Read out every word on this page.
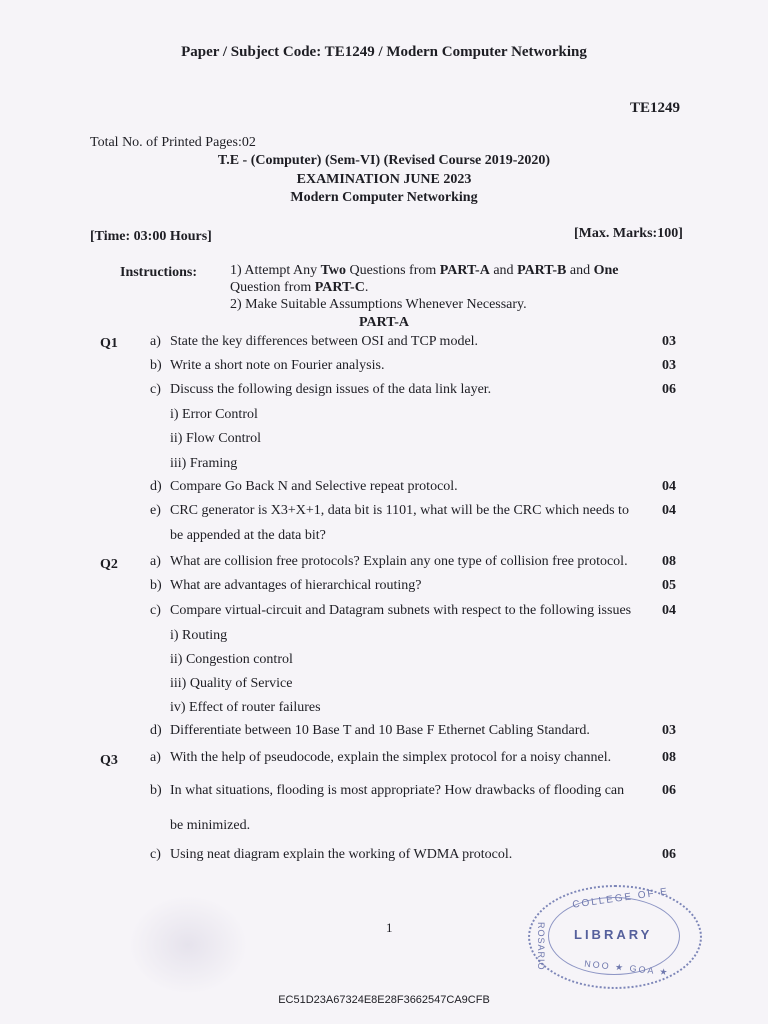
Paper / Subject Code: TE1249 / Modern Computer Networking
TE1249
Total No. of Printed Pages:02
T.E - (Computer) (Sem-VI) (Revised Course 2019-2020)
EXAMINATION JUNE 2023
Modern Computer Networking
[Time: 03:00 Hours]	[Max. Marks:100]
Instructions: 1) Attempt Any Two Questions from PART-A and PART-B and One
Question from PART-C.
2) Make Suitable Assumptions Whenever Necessary.
PART-A
Q1 a) State the key differences between OSI and TCP model.	03
b) Write a short note on Fourier analysis.	03
c) Discuss the following design issues of the data link layer.	06
i) Error Control
ii) Flow Control
iii) Framing
d) Compare Go Back N and Selective repeat protocol.	04
e) CRC generator is X3+X+1, data bit is 1101, what will be the CRC which needs to 04
be appended at the data bit?
Q2 a) What are collision free protocols? Explain any one type of collision free protocol. 08
b) What are advantages of hierarchical routing?	05
c) Compare virtual-circuit and Datagram subnets with respect to the following issues 04
i) Routing
ii) Congestion control
iii) Quality of Service
iv) Effect of router failures
d) Differentiate between 10 Base T and 10 Base F Ethernet Cabling Standard.	03
Q3 a) With the help of pseudocode, explain the simplex protocol for a noisy channel.	08
b) In what situations, flooding is most appropriate? How drawbacks of flooding can	06
be minimized.
c) Using neat diagram explain the working of WDMA protocol.	06
COLLEGE OF E
ROSARIO LIBRARY
NOO ★ GOA ★
1
EC51D23A67324E8E28F3662547CA9CFB
